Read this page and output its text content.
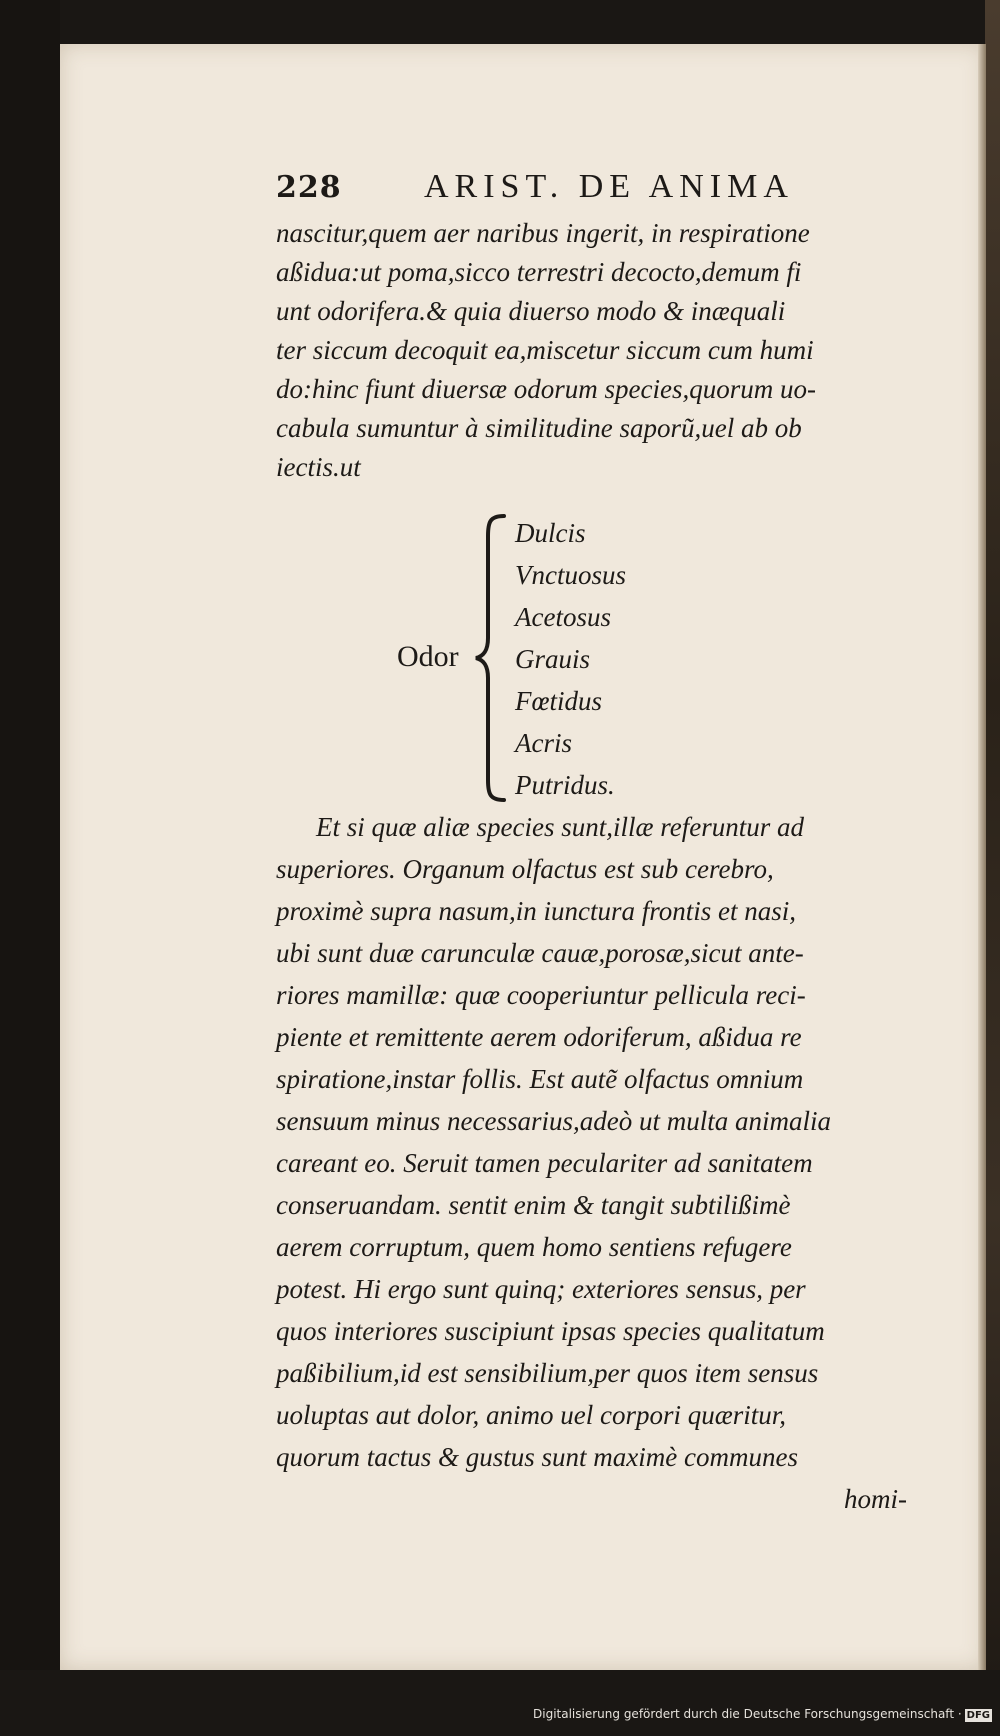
228 ARIST. DE ANIMA
nascitur,quem aer naribus ingerit, in respiratione
aßidua:ut poma,sicco terrestri decocto,demum fi
unt odorifera.& quia diuerso modo & inæquali
ter siccum decoquit ea,miscetur siccum cum humi
do:hinc fiunt diuersæ odorum species,quorum uo-
cabula sumuntur à similitudine saporũ,uel ab ob
iectis.ut
Odor
Dulcis
Vnctuosus
Acetosus
Grauis
Fœtidus
Acris
Putridus.
Et si quæ aliæ species sunt,illæ referuntur ad
superiores. Organum olfactus est sub cerebro,
proximè supra nasum,in iunctura frontis et nasi,
ubi sunt duæ carunculæ cauæ,porosæ,sicut ante-
riores mamillæ: quæ cooperiuntur pellicula reci-
piente et remittente aerem odoriferum, aßidua re
spiratione,instar follis. Est autẽ olfactus omnium
sensuum minus necessarius,adeò ut multa animalia
careant eo. Seruit tamen peculariter ad sanitatem
conseruandam. sentit enim & tangit subtilißimè
aerem corruptum, quem homo sentiens refugere
potest. Hi ergo sunt quinq; exteriores sensus, per
quos interiores suscipiunt ipsas species qualitatum
paßibilium,id est sensibilium,per quos item sensus
uoluptas aut dolor, animo uel corpori quæritur,
quorum tactus & gustus sunt maximè communes
homi-
Digitalisierung gefördert durch die Deutsche Forschungsgemeinschaft · DFG
